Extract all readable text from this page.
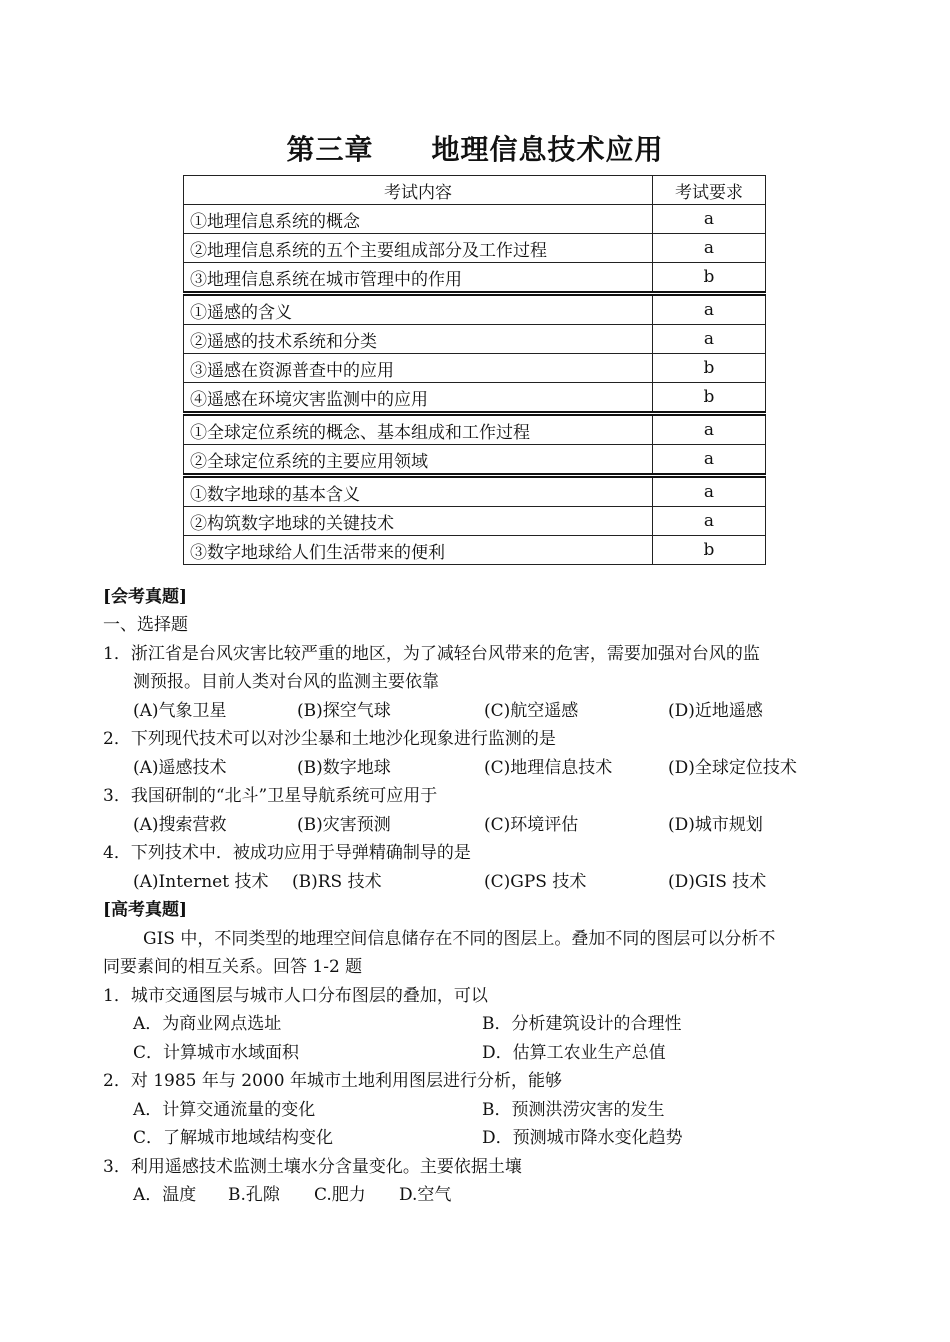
第三章 地理信息技术应用
考试内容	考试要求
①地理信息系统的概念	a
②地理信息系统的五个主要组成部分及工作过程	a
③地理信息系统在城市管理中的作用	b
①遥感的含义	a
②遥感的技术系统和分类	a
③遥感在资源普查中的应用	b
④遥感在环境灾害监测中的应用	b
①全球定位系统的概念、基本组成和工作过程	a
②全球定位系统的主要应用领域	a
①数字地球的基本含义	a
②构筑数字地球的关键技术	a
③数字地球给人们生活带来的便利	b

[会考真题]

一、选择题

1．浙江省是台风灾害比较严重的地区，为了减轻台风带来的危害，需要加强对台风的监

测预报。目前人类对台风的监测主要依靠

(A)气象卫星	(B)探空气球	(C)航空遥感	(D)近地遥感

2．下列现代技术可以对沙尘暴和土地沙化现象进行监测的是

(A)遥感技术	(B)数字地球	(C)地理信息技术	(D)全球定位技术

3．我国研制的“北斗”卫星导航系统可应用于

(A)搜索营救	(B)灾害预测	(C)环境评估	(D)城市规划

4．下列技术中．被成功应用于导弹精确制导的是

(A)Internet 技术 (B)RS 技术	(C)GPS 技术	(D)GIS 技术

[高考真题]

GIS 中，不同类型的地理空间信息储存在不同的图层上。叠加不同的图层可以分析不

同要素间的相互关系。回答 1-2 题

1．城市交通图层与城市人口分布图层的叠加，可以

A．为商业网点选址	B．分析建筑设计的合理性
C．计算城市水域面积	D．估算工农业生产总值

2．对 1985 年与 2000 年城市土地利用图层进行分析，能够

A．计算交通流量的变化	B．预测洪涝灾害的发生
C．了解城市地域结构变化	D．预测城市降水变化趋势

3．利用遥感技术监测土壤水分含量变化。主要依据土壤

A．温度 B.孔隙 C.肥力 D.空气
